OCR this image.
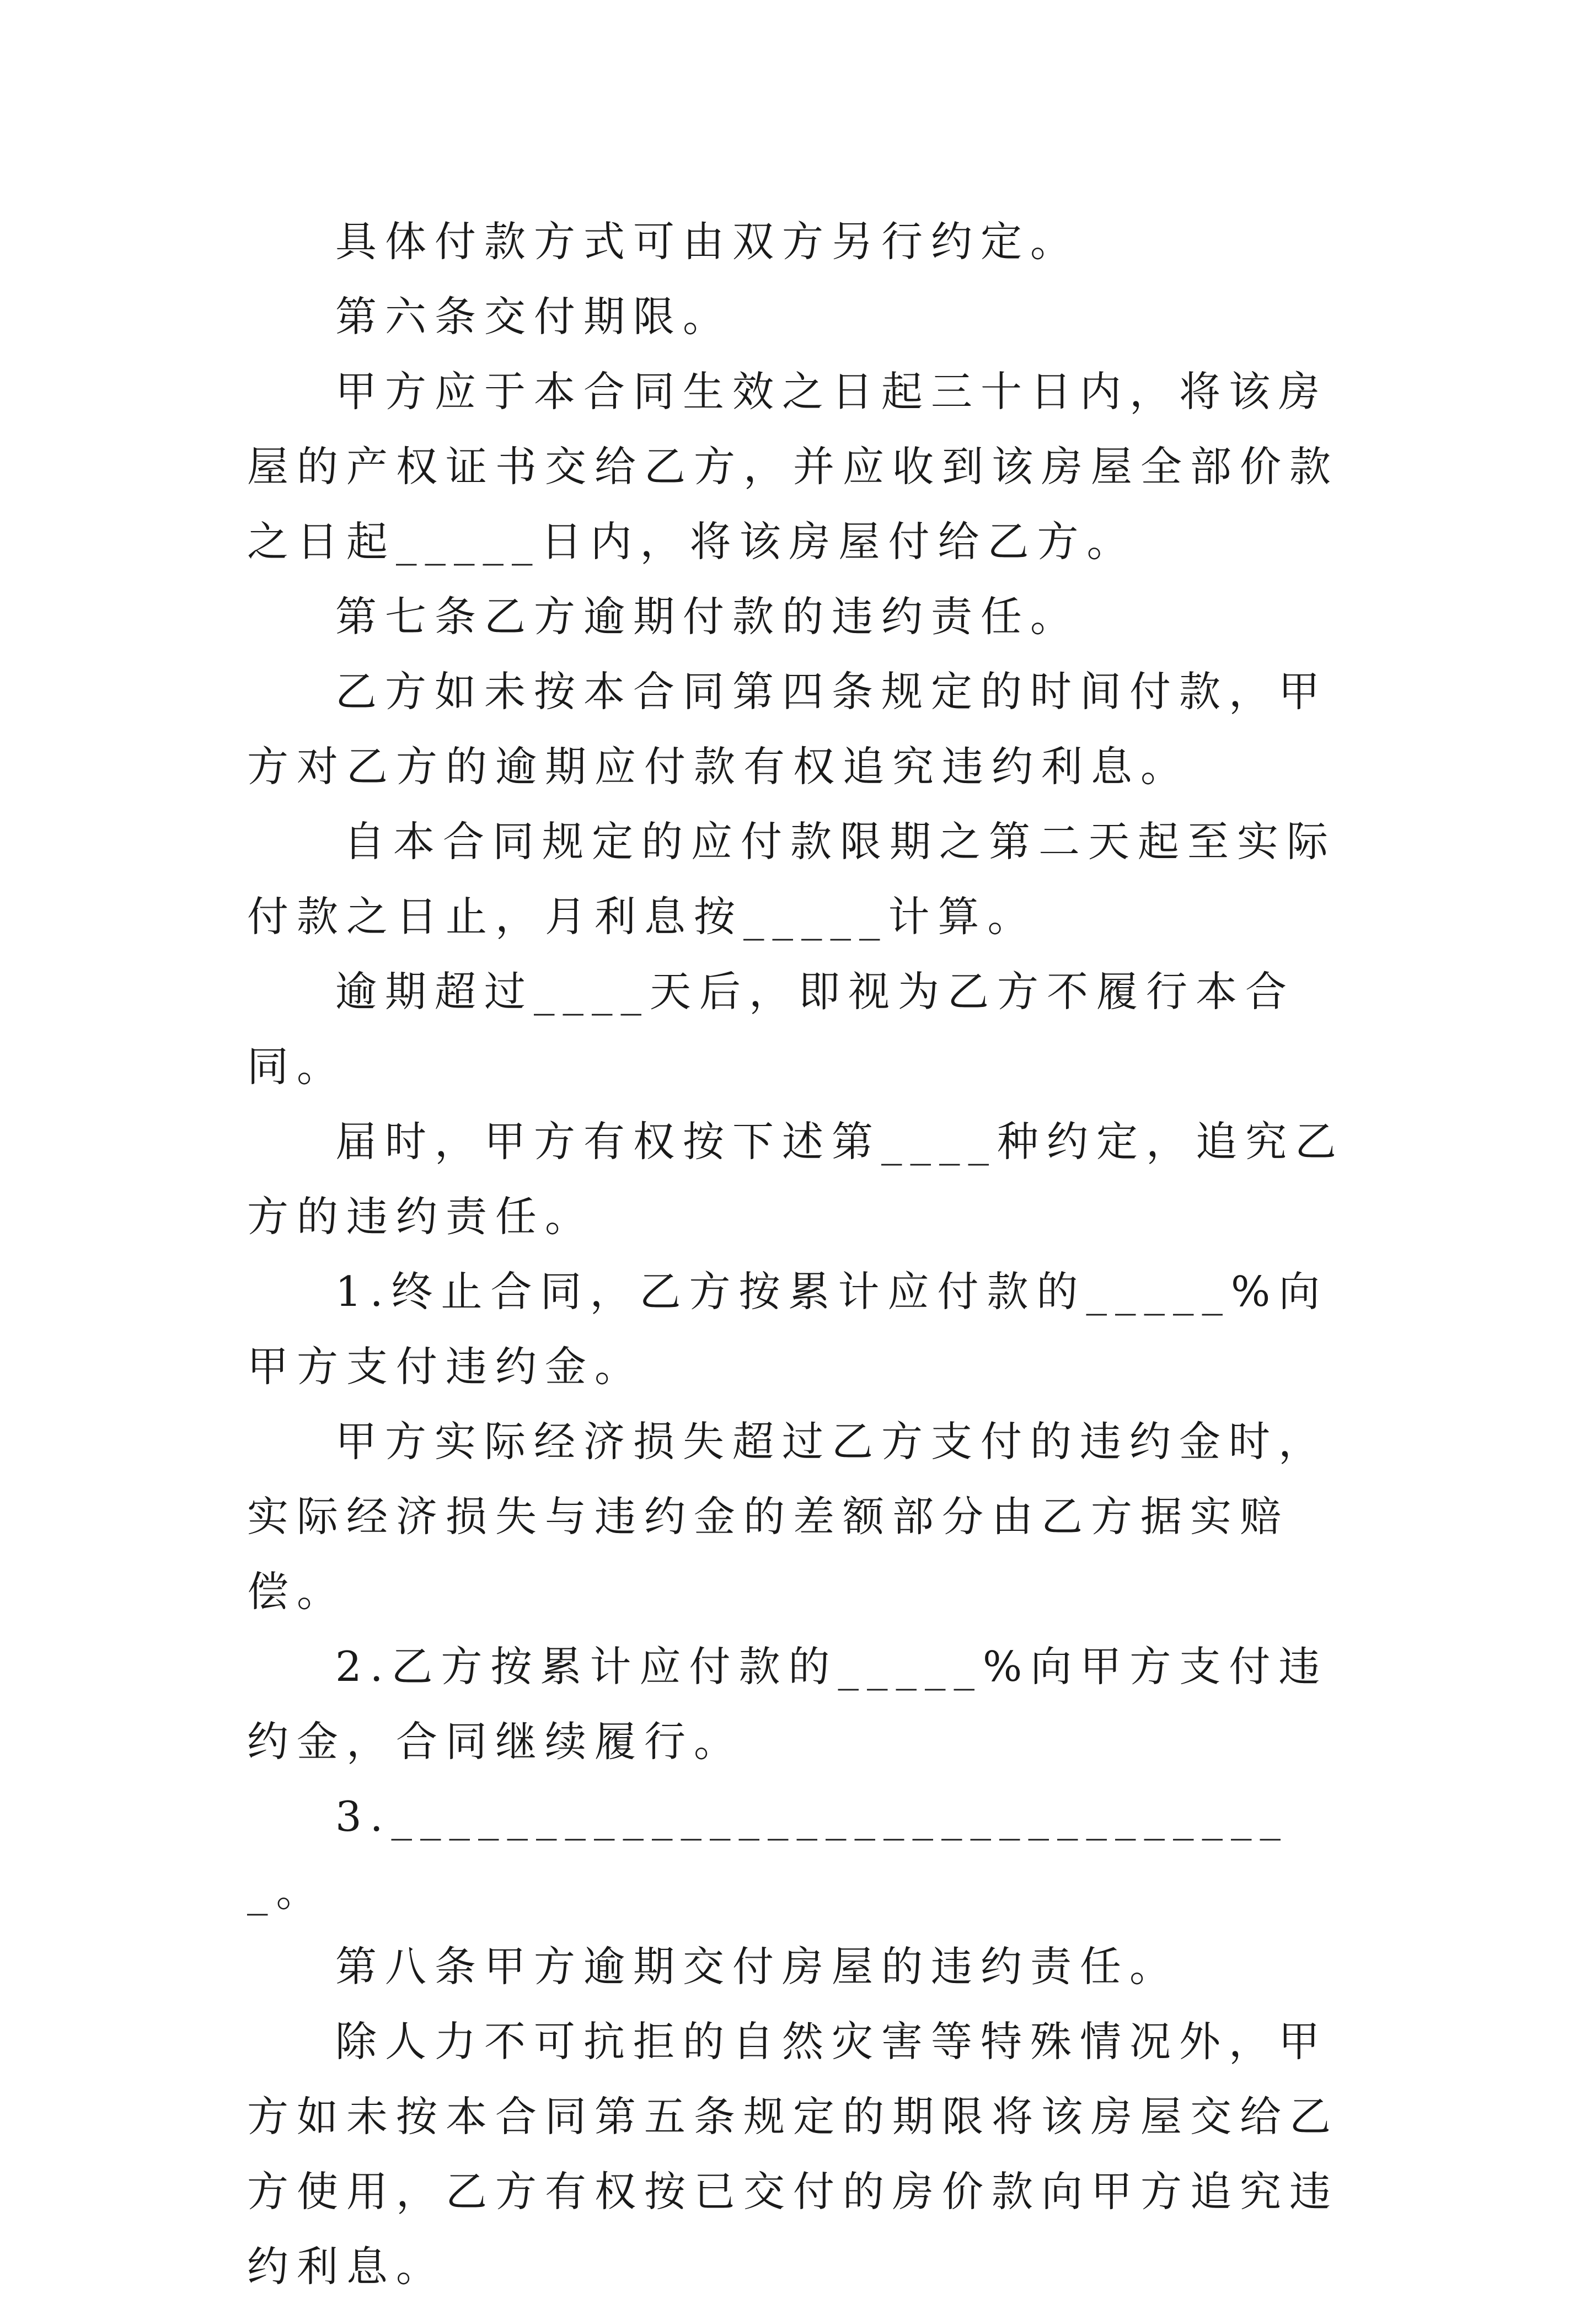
具体付款方式可由双方另行约定。

第六条交付期限。

甲方应于本合同生效之日起三十日内，将该房屋的产权证书交给乙方，并应收到该房屋全部价款之日起_____日内，将该房屋付给乙方。

第七条乙方逾期付款的违约责任。

乙方如未按本合同第四条规定的时间付款，甲方对乙方的逾期应付款有权追究违约利息。

自本合同规定的应付款限期之第二天起至实际付款之日止，月利息按_____计算。

逾期超过____天后，即视为乙方不履行本合同。

届时，甲方有权按下述第____种约定，追究乙方的违约责任。

1.终止合同，乙方按累计应付款的_____%向甲方支付违约金。

甲方实际经济损失超过乙方支付的违约金时，实际经济损失与违约金的差额部分由乙方据实赔偿。

2.乙方按累计应付款的_____%向甲方支付违约金，合同继续履行。

3.________________________________。

第八条甲方逾期交付房屋的违约责任。

除人力不可抗拒的自然灾害等特殊情况外，甲方如未按本合同第五条规定的期限将该房屋交给乙方使用，乙方有权按已交付的房价款向甲方追究违约利息。
